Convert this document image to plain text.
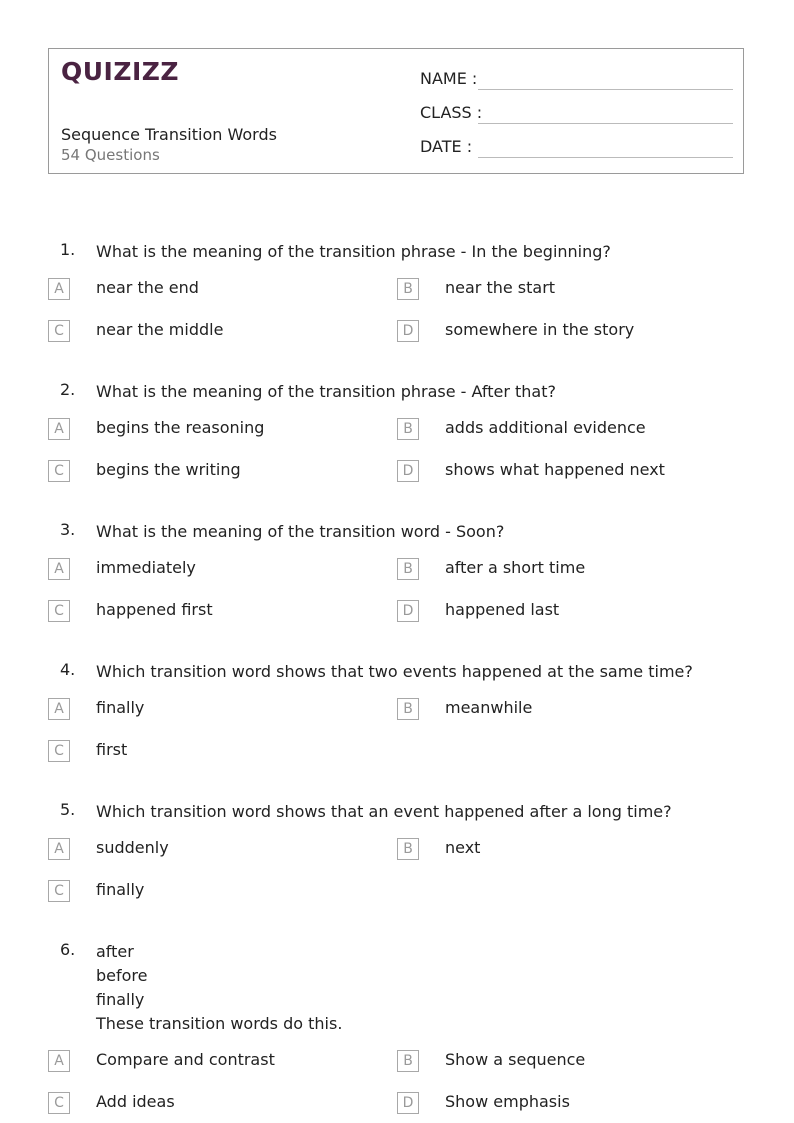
QUIZIZZ
Sequence Transition Words
54 Questions
NAME :
CLASS :
DATE :
1. What is the meaning of the transition phrase - In the beginning?
A	near the end	B	near the start
C	near the middle	D	somewhere in the story
2. What is the meaning of the transition phrase - After that?
A	begins the reasoning	B	adds additional evidence
C	begins the writing	D	shows what happened next
3. What is the meaning of the transition word - Soon?
A	immediately	B	after a short time
C	happened first	D	happened last
4. Which transition word shows that two events happened at the same time?
A	finally	B	meanwhile
C	first
5. Which transition word shows that an event happened after a long time?
A	suddenly	B	next
C	finally
6. after
before
finally
These transition words do this.
A	Compare and contrast	B	Show a sequence
C	Add ideas	D	Show emphasis
